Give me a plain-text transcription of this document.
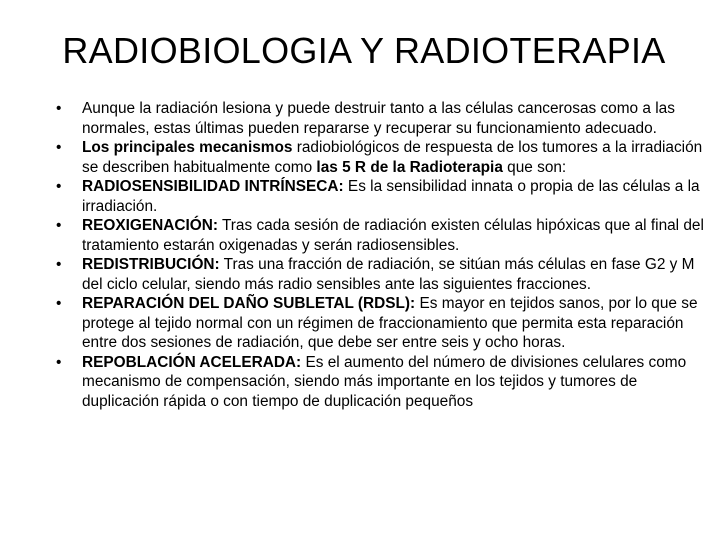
RADIOBIOLOGIA Y RADIOTERAPIA
•	Aunque la radiación lesiona y puede destruir tanto a las células cancerosas como a las normales, estas últimas pueden repararse y recuperar su funcionamiento adecuado.
•	Los principales mecanismos radiobiológicos de respuesta de los tumores a la irradiación se describen habitualmente como las 5 R de la Radioterapia que son:
•	RADIOSENSIBILIDAD INTRÍNSECA: Es la sensibilidad innata o propia de las células a la irradiación.
•	REOXIGENACIÓN: Tras cada sesión de radiación existen células hipóxicas que al final del tratamiento estarán oxigenadas y serán radiosensibles.
•	REDISTRIBUCIÓN: Tras una fracción de radiación, se sitúan más células en fase G2 y M del ciclo celular, siendo más radio sensibles ante las siguientes fracciones.
•	REPARACIÓN DEL DAÑO SUBLETAL (RDSL): Es mayor en tejidos sanos, por lo que se protege al tejido normal con un régimen de fraccionamiento que permita esta reparación entre dos sesiones de radiación, que debe ser entre seis y ocho horas.
•	REPOBLACIÓN ACELERADA: Es el aumento del número de divisiones celulares como mecanismo de compensación, siendo más importante en los tejidos y tumores de duplicación rápida o con tiempo de duplicación pequeños
